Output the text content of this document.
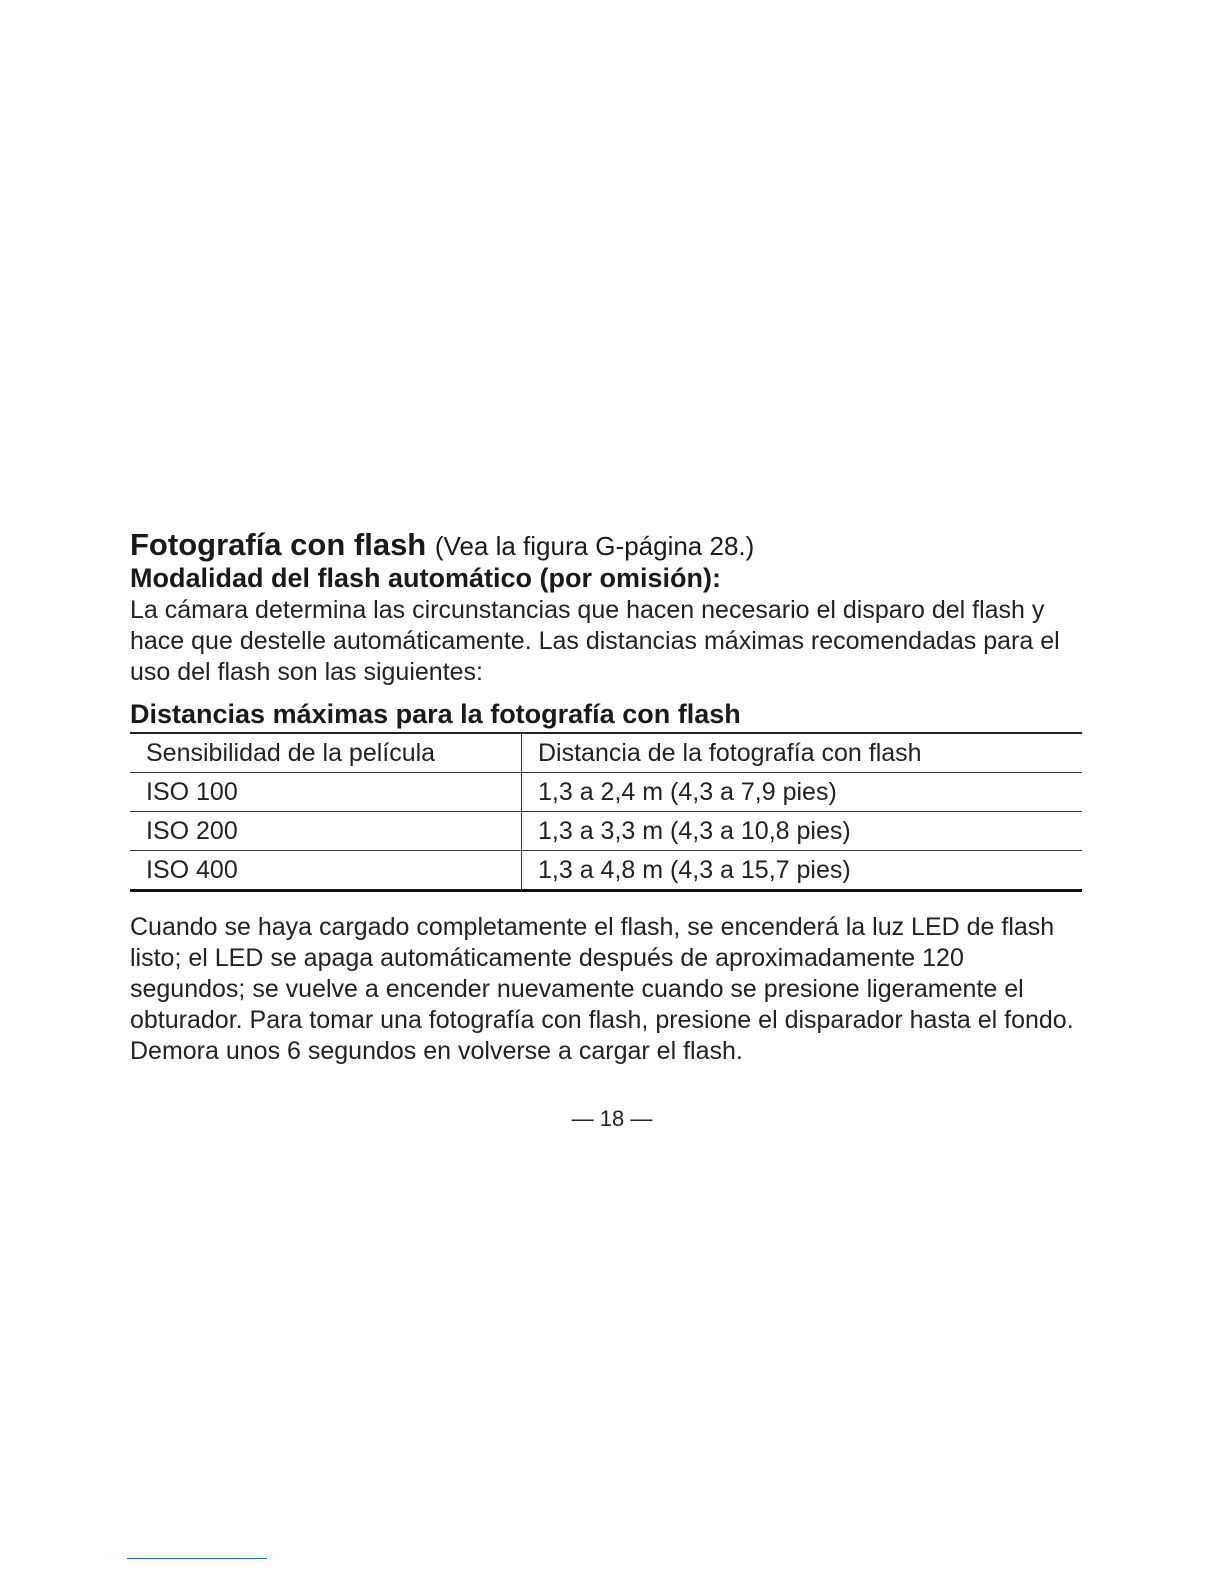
Fotografía con flash (Vea la figura G-página 28.)

Modalidad del flash automático (por omisión):

La cámara determina las circunstancias que hacen necesario el disparo del flash y hace que destelle automáticamente. Las distancias máximas recomendadas para el uso del flash son las siguientes:

Distancias máximas para la fotografía con flash

Sensibilidad de la película	Distancia de la fotografía con flash
ISO 100	1,3 a 2,4 m (4,3 a 7,9 pies)
ISO 200	1,3 a 3,3 m (4,3 a 10,8 pies)
ISO 400	1,3 a 4,8 m (4,3 a 15,7 pies)

Cuando se haya cargado completamente el flash, se encenderá la luz LED de flash listo; el LED se apaga automáticamente después de aproximadamente 120 segundos; se vuelve a encender nuevamente cuando se presione ligeramente el obturador. Para tomar una fotografía con flash, presione el disparador hasta el fondo. Demora unos 6 segundos en volverse a cargar el flash.

— 18 —
